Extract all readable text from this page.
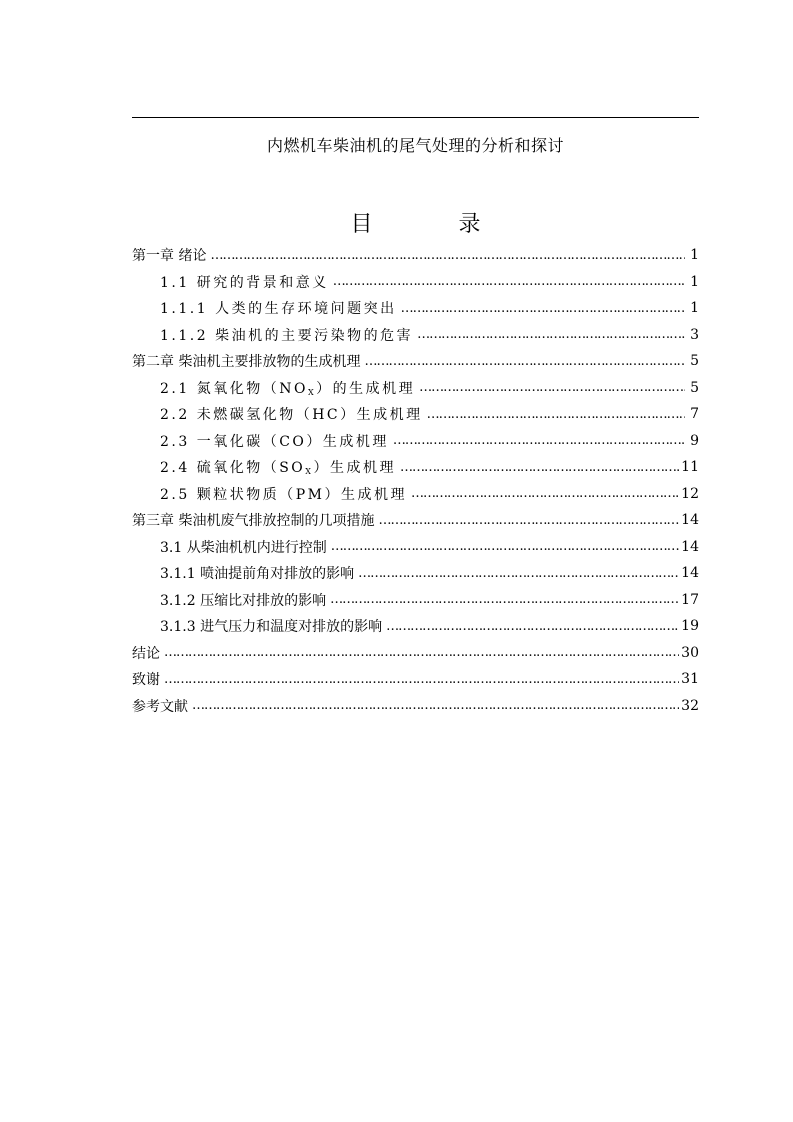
内燃机车柴油机的尾气处理的分析和探讨
目	录
第一章 绪论 ……………………………………………………………………………………………………………………………………………………	1
1.1 研究的背景和意义 ……………………………………………………………………………………………………………………………………………………	1
1.1.1 人类的生存环境问题突出 ……………………………………………………………………………………………………………………………………………………	1
1.1.2 柴油机的主要污染物的危害 ……………………………………………………………………………………………………………………………………………………	3
第二章 柴油机主要排放物的生成机理 ……………………………………………………………………………………………………………………………………………………	5
2.1 氮氧化物$(NO_X)$的生成机理 ……………………………………………………………………………………………………………………………………………………	5
2.2 未燃碳氢化物（HC）生成机理 ……………………………………………………………………………………………………………………………………………………	7
2.3 一氧化碳（CO）生成机理 ……………………………………………………………………………………………………………………………………………………	9
2.4 硫氧化物$(SO_X)$生成机理 ……………………………………………………………………………………………………………………………………………………	11
2.5 颗粒状物质（PM）生成机理 ……………………………………………………………………………………………………………………………………………………	12
第三章 柴油机废气排放控制的几项措施 ……………………………………………………………………………………………………………………………………………………	14
3.1 从柴油机机内进行控制 ……………………………………………………………………………………………………………………………………………………	14
3.1.1 喷油提前角对排放的影响 ……………………………………………………………………………………………………………………………………………………	14
3.1.2 压缩比对排放的影响 ……………………………………………………………………………………………………………………………………………………	17
3.1.3 进气压力和温度对排放的影响 ……………………………………………………………………………………………………………………………………………………	19
结论 ……………………………………………………………………………………………………………………………………………………	30
致谢 ……………………………………………………………………………………………………………………………………………………	31
参考文献 ……………………………………………………………………………………………………………………………………………………	32
